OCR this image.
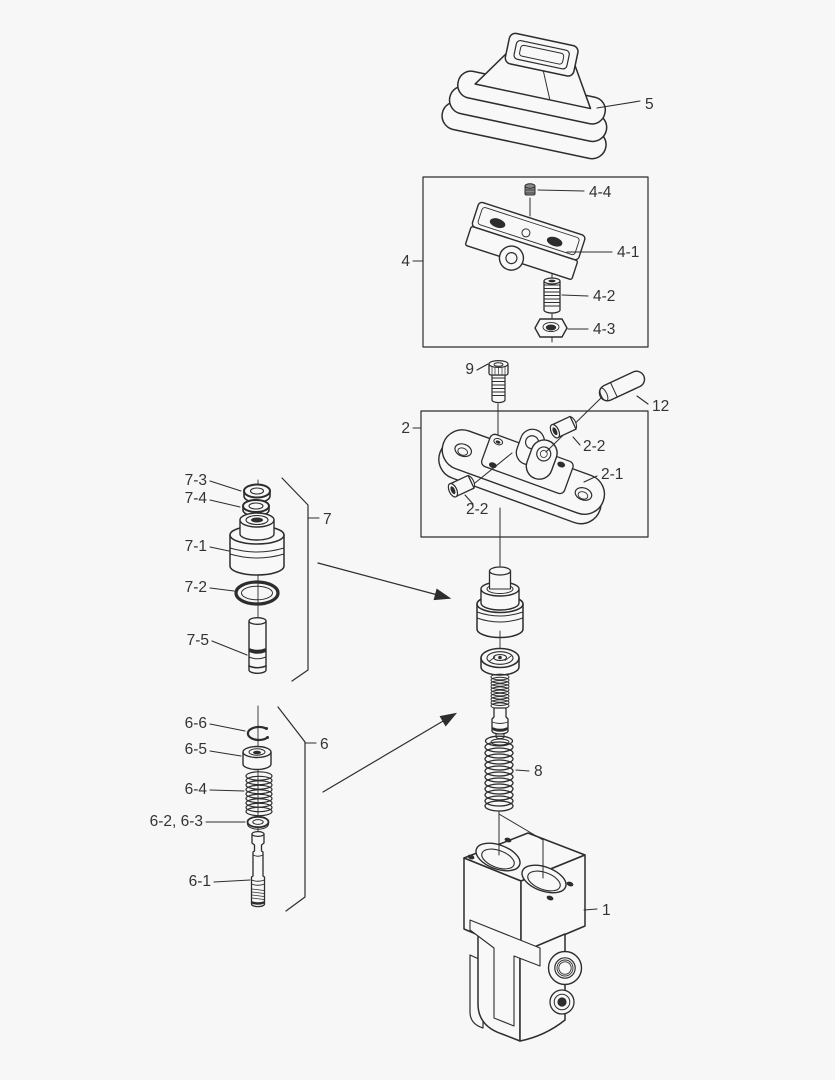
5
4
4-4
4-1
4-2
4-3
9
2
12
2-1
2-2
2-2
7-3
7-4
7-1
7-2
7-5
7
6-6
6-5
6-4
6-2, 6-3
6-1
6
8
1
